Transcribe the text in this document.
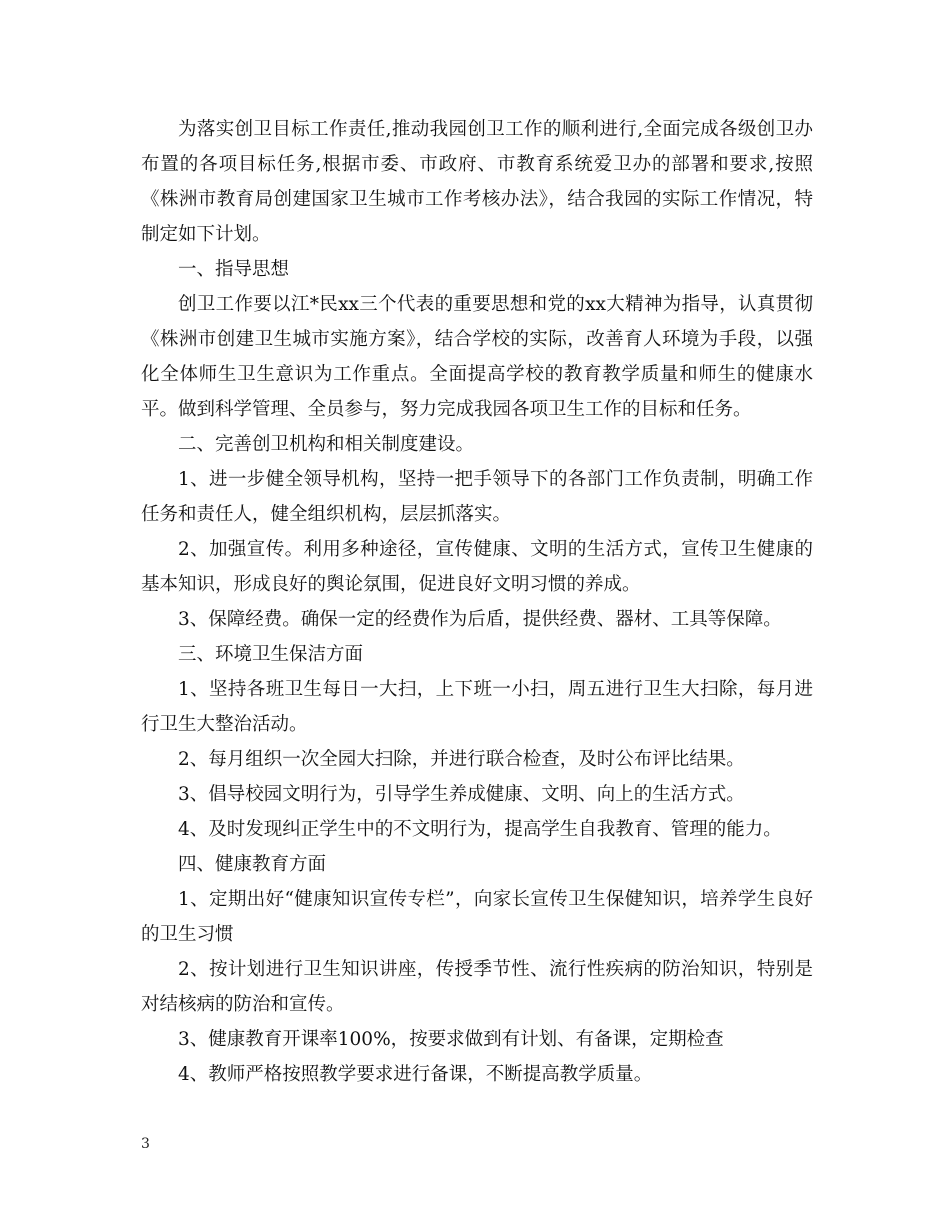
为落实创卫目标工作责任,推动我园创卫工作的顺利进行,全面完成各级创卫办布置的各项目标任务,根据市委、市政府、市教育系统爱卫办的部署和要求,按照《株洲市教育局创建国家卫生城市工作考核办法》，结合我园的实际工作情况，特制定如下计划。

一、指导思想

创卫工作要以江*民xx三个代表的重要思想和党的xx大精神为指导，认真贯彻《株洲市创建卫生城市实施方案》，结合学校的实际，改善育人环境为手段，以强化全体师生卫生意识为工作重点。全面提高学校的教育教学质量和师生的健康水平。做到科学管理、全员参与，努力完成我园各项卫生工作的目标和任务。

二、完善创卫机构和相关制度建设。

1、进一步健全领导机构，坚持一把手领导下的各部门工作负责制，明确工作任务和责任人，健全组织机构，层层抓落实。

2、加强宣传。利用多种途径，宣传健康、文明的生活方式，宣传卫生健康的基本知识，形成良好的舆论氛围，促进良好文明习惯的养成。

3、保障经费。确保一定的经费作为后盾，提供经费、器材、工具等保障。

三、环境卫生保洁方面

1、坚持各班卫生每日一大扫，上下班一小扫，周五进行卫生大扫除，每月进行卫生大整治活动。

2、每月组织一次全园大扫除，并进行联合检查，及时公布评比结果。

3、倡导校园文明行为，引导学生养成健康、文明、向上的生活方式。

4、及时发现纠正学生中的不文明行为，提高学生自我教育、管理的能力。

四、健康教育方面

1、定期出好“健康知识宣传专栏”，向家长宣传卫生保健知识，培养学生良好的卫生习惯

2、按计划进行卫生知识讲座，传授季节性、流行性疾病的防治知识，特别是对结核病的防治和宣传。

3、健康教育开课率100%，按要求做到有计划、有备课，定期检查

4、教师严格按照教学要求进行备课，不断提高教学质量。

3
